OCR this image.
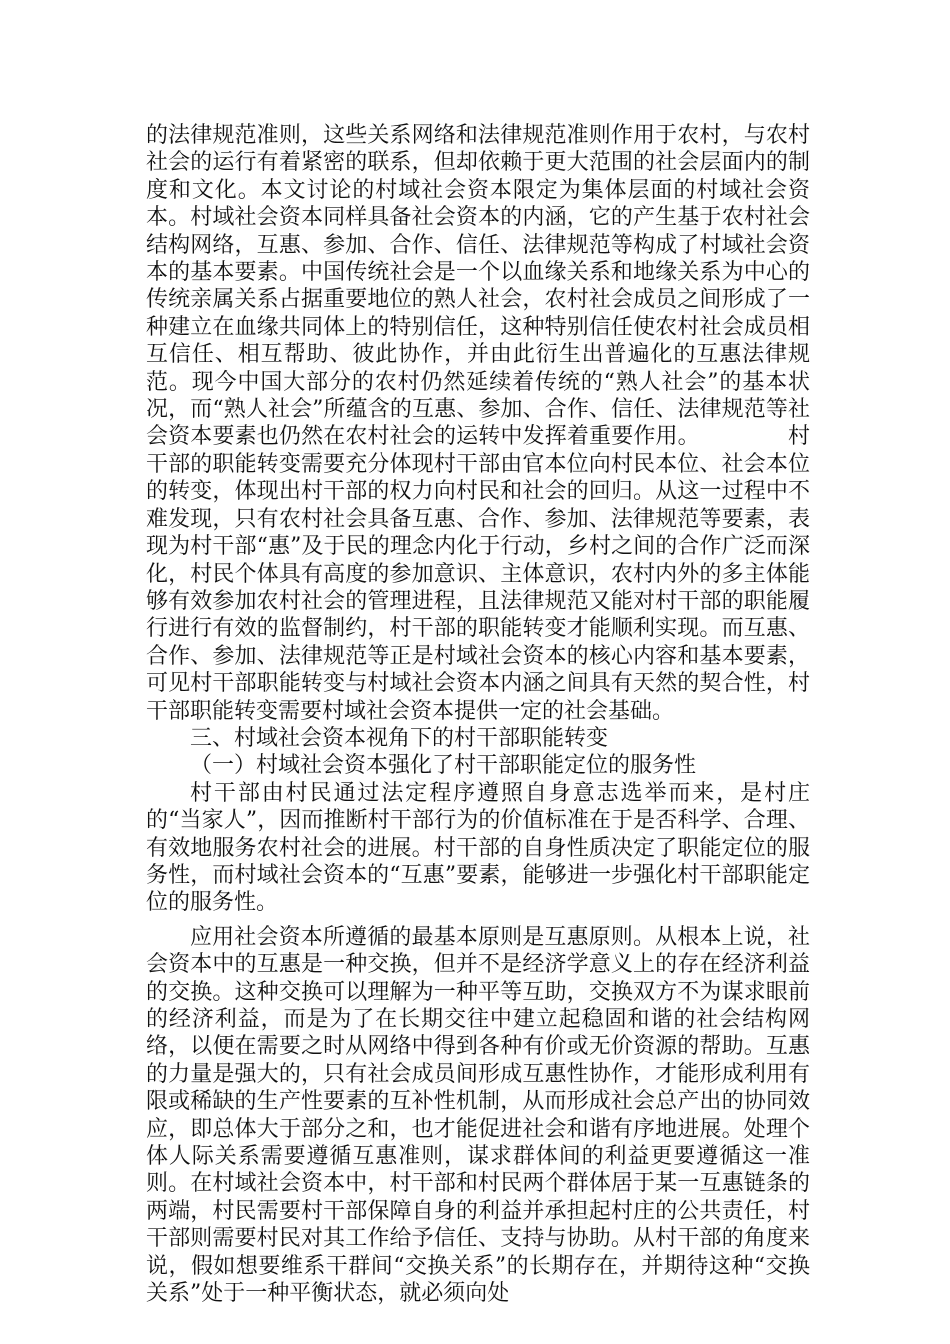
的法律规范准则，这些关系网络和法律规范准则作用于农村，与农村社会的运行有着紧密的联系，但却依赖于更大范围的社会层面内的制度和文化。本文讨论的村域社会资本限定为集体层面的村域社会资本。村域社会资本同样具备社会资本的内涵，它的产生基于农村社会结构网络，互惠、参加、合作、信任、法律规范等构成了村域社会资本的基本要素。中国传统社会是一个以血缘关系和地缘关系为中心的传统亲属关系占据重要地位的熟人社会，农村社会成员之间形成了一种建立在血缘共同体上的特别信任，这种特别信任使农村社会成员相互信任、相互帮助、彼此协作，并由此衍生出普遍化的互惠法律规范。现今中国大部分的农村仍然延续着传统的“熟人社会”的基本状况，而“熟人社会”所蕴含的互惠、参加、合作、信任、法律规范等社会资本要素也仍然在农村社会的运转中发挥着重要作用。	村干部的职能转变需要充分体现村干部由官本位向村民本位、社会本位的转变，体现出村干部的权力向村民和社会的回归。从这一过程中不难发现，只有农村社会具备互惠、合作、参加、法律规范等要素，表现为村干部“惠”及于民的理念内化于行动，乡村之间的合作广泛而深化，村民个体具有高度的参加意识、主体意识，农村内外的多主体能够有效参加农村社会的管理进程，且法律规范又能对村干部的职能履行进行有效的监督制约，村干部的职能转变才能顺利实现。而互惠、合作、参加、法律规范等正是村域社会资本的核心内容和基本要素，可见村干部职能转变与村域社会资本内涵之间具有天然的契合性，村干部职能转变需要村域社会资本提供一定的社会基础。

三、村域社会资本视角下的村干部职能转变
（一）村域社会资本强化了村干部职能定位的服务性

村干部由村民通过法定程序遵照自身意志选举而来，是村庄的“当家人”，因而推断村干部行为的价值标准在于是否科学、合理、有效地服务农村社会的进展。村干部的自身性质决定了职能定位的服务性，而村域社会资本的“互惠”要素，能够进一步强化村干部职能定位的服务性。

应用社会资本所遵循的最基本原则是互惠原则。从根本上说，社会资本中的互惠是一种交换，但并不是经济学意义上的存在经济利益的交换。这种交换可以理解为一种平等互助，交换双方不为谋求眼前的经济利益，而是为了在长期交往中建立起稳固和谐的社会结构网络，以便在需要之时从网络中得到各种有价或无价资源的帮助。互惠的力量是强大的，只有社会成员间形成互惠性协作，才能形成利用有限或稀缺的生产性要素的互补性机制，从而形成社会总产出的协同效应，即总体大于部分之和，也才能促进社会和谐有序地进展。处理个体人际关系需要遵循互惠准则，谋求群体间的利益更要遵循这一准则。在村域社会资本中，村干部和村民两个群体居于某一互惠链条的两端，村民需要村干部保障自身的利益并承担起村庄的公共责任，村干部则需要村民对其工作给予信任、支持与协助。从村干部的角度来说，假如想要维系干群间“交换关系”的长期存在，并期待这种“交换关系”处于一种平衡状态，就必须向处
